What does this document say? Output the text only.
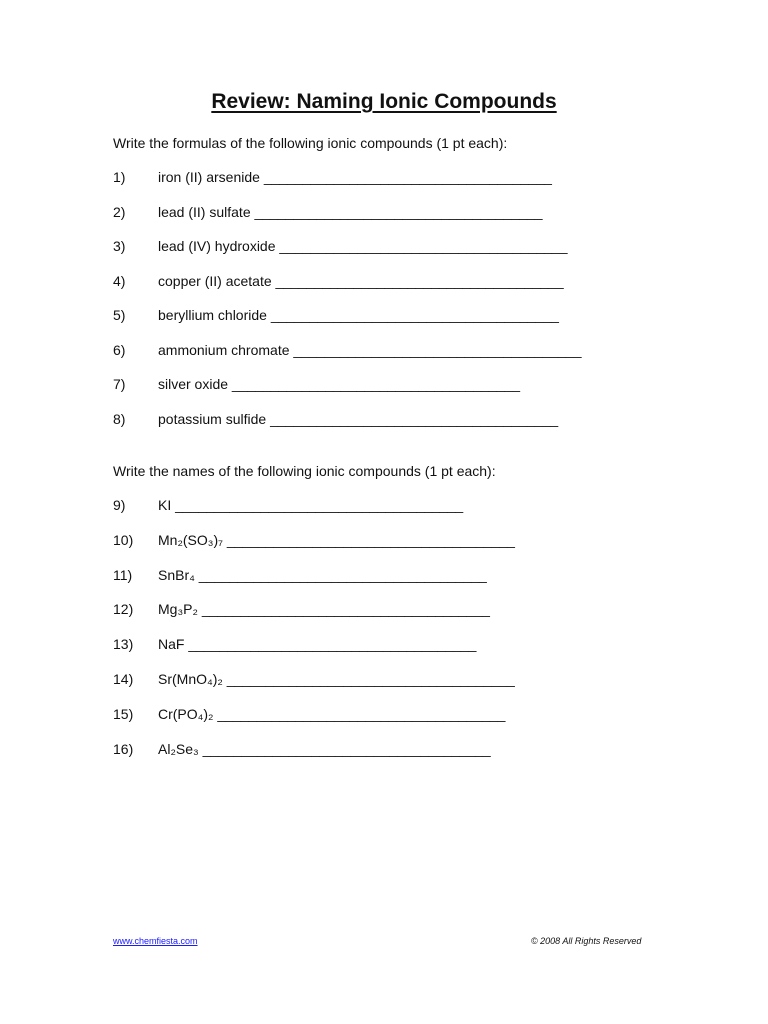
Review: Naming Ionic Compounds
Write the formulas of the following ionic compounds (1 pt each):
1) iron (II) arsenide _____________________________________
2) lead (II) sulfate _____________________________________
3) lead (IV) hydroxide _____________________________________
4) copper (II) acetate _____________________________________
5) beryllium chloride _____________________________________
6) ammonium chromate _____________________________________
7) silver oxide _____________________________________
8) potassium sulfide _____________________________________
Write the names of the following ionic compounds (1 pt each):
9) KI _____________________________________
10) Mn₂(SO₃)₇ _____________________________________
11) SnBr₄ _____________________________________
12) Mg₃P₂ _____________________________________
13) NaF _____________________________________
14) Sr(MnO₄)₂ _____________________________________
15) Cr(PO₄)₂ _____________________________________
16) Al₂Se₃ _____________________________________
www.chemfiesta.com	© 2008 All Rights Reserved
